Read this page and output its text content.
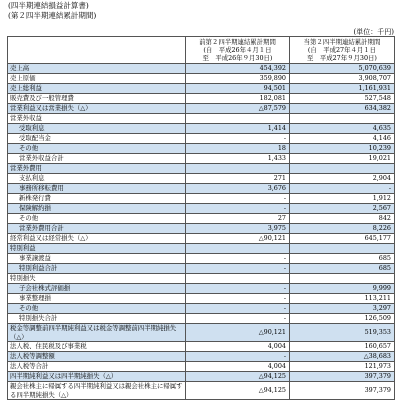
(四半期連結損益計算書)
(第２四半期連結累計期間)
(単位：千円)

	前第２四半期連結累計期間
(自　平成26年４月１日
至　平成26年９月30日)	当第２四半期連結累計期間
(自　平成27年４月１日
至　平成27年９月30日)

売上高	454,392	5,070,639
売上原価	359,890	3,908,707
売上総利益	94,501	1,161,931
販売費及び一般管理費	182,081	527,548
営業利益又は営業損失（△）	△87,579	634,382
営業外収益		
受取利息	1,414	4,635
受取配当金	-	4,146
その他	18	10,239
営業外収益合計	1,433	19,021
営業外費用		
支払利息	271	2,904
事務所移転費用	3,676	-
新株発行費	-	1,912
保険解約損	-	2,567
その他	27	842
営業外費用合計	3,975	8,226
経常利益又は経常損失（△）	△90,121	645,177
特別利益		
事業譲渡益	-	685
特別利益合計	-	685
特別損失		
子会社株式評価損	-	9,999
事業整理損	-	113,211
その他	-	3,297
特別損失合計	-	126,509
税金等調整前四半期純利益又は税金等調整前四半期純損失（△）	△90,121	519,353
法人税、住民税及び事業税	4,004	160,657
法人税等調整額	-	△38,683
法人税等合計	4,004	121,973
四半期純利益又は四半期純損失（△）	△94,125	397,379
親会社株主に帰属する四半期純利益又は親会社株主に帰属する四半期純損失（△）	△94,125	397,379
